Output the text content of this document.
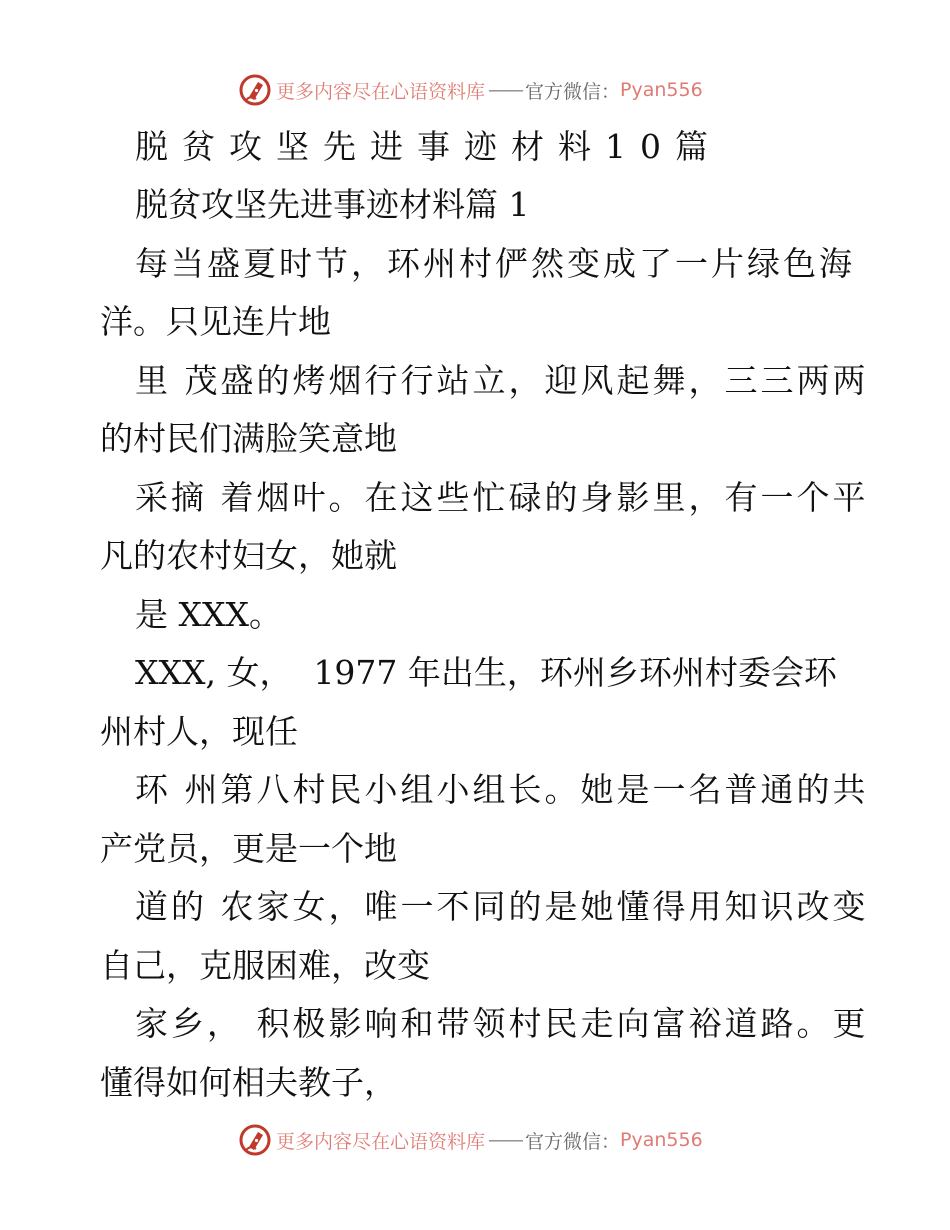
更多内容尽在心语资料库 —— 官方微信： Pyan556
脱贫攻坚先进事迹材料10篇
脱贫攻坚先进事迹材料篇 1
每当盛夏时节，环州村俨然变成了一片绿色海
洋。只见连片地
里 茂盛的烤烟行行站立，迎风起舞，三三两两
的村民们满脸笑意地
采摘 着烟叶。在这些忙碌的身影里，有一个平
凡的农村妇女，她就
是 XXX。
XXX, 女，  1977 年出生，环州乡环州村委会环
州村人，现任
环 州第八村民小组小组长。她是一名普通的共
产党员，更是一个地
道的 农家女，唯一不同的是她懂得用知识改变
自己，克服困难，改变
家乡， 积极影响和带领村民走向富裕道路。更
懂得如何相夫教子，
更多内容尽在心语资料库 —— 官方微信： Pyan556
